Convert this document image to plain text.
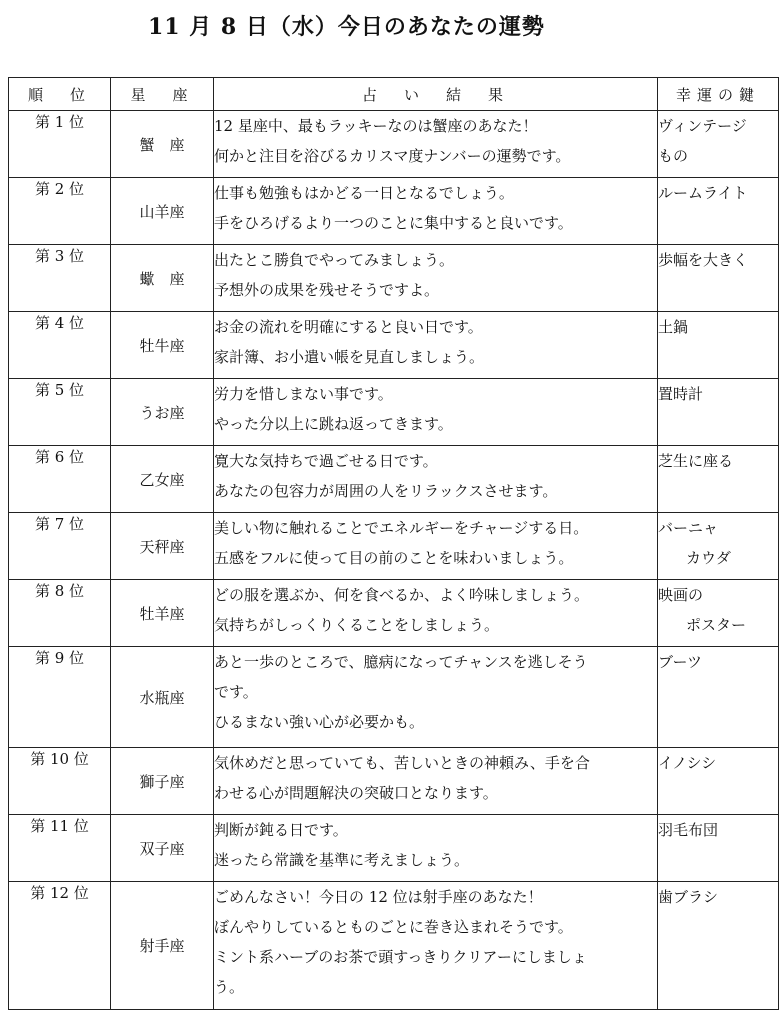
11 月 8 日（水）今日のあなたの運勢
順　位	星　座	占　い　結　果	幸運の鍵
第 1 位	蟹　座	12 星座中、最もラッキーなのは蟹座のあなた！
何かと注目を浴びるカリスマ度ナンバーの運勢です。	ヴィンテージ
もの

第 2 位	山羊座	仕事も勉強もはかどる一日となるでしょう。
手をひろげるより一つのことに集中すると良いです。	ルームライト

第 3 位	蠍　座	出たとこ勝負でやってみましょう。
予想外の成果を残せそうですよ。	歩幅を大きく

第 4 位	牡牛座	お金の流れを明確にすると良い日です。
家計簿、お小遣い帳を見直しましょう。	土鍋

第 5 位	うお座	労力を惜しまない事です。
やった分以上に跳ね返ってきます。	置時計

第 6 位	乙女座	寛大な気持ちで過ごせる日です。
あなたの包容力が周囲の人をリラックスさせます。	芝生に座る

第 7 位	天秤座	美しい物に触れることでエネルギーをチャージする日。
五感をフルに使って目の前のことを味わいましょう。	バーニャ
カウダ

第 8 位	牡羊座	どの服を選ぶか、何を食べるか、よく吟味しましょう。
気持ちがしっくりくることをしましょう。	映画の
ポスター

第 9 位	水瓶座	あと一歩のところで、臆病になってチャンスを逃しそう
です。
ひるまない強い心が必要かも。	ブーツ

第 10 位	獅子座	気休めだと思っていても、苦しいときの神頼み、手を合
わせる心が問題解決の突破口となります。	イノシシ

第 11 位	双子座	判断が鈍る日です。
迷ったら常識を基準に考えましょう。	羽毛布団

第 12 位	射手座	ごめんなさい！今日の 12 位は射手座のあなた！
ぼんやりしているとものごとに巻き込まれそうです。
ミント系ハーブのお茶で頭すっきりクリアーにしましょ
う。	歯ブラシ
